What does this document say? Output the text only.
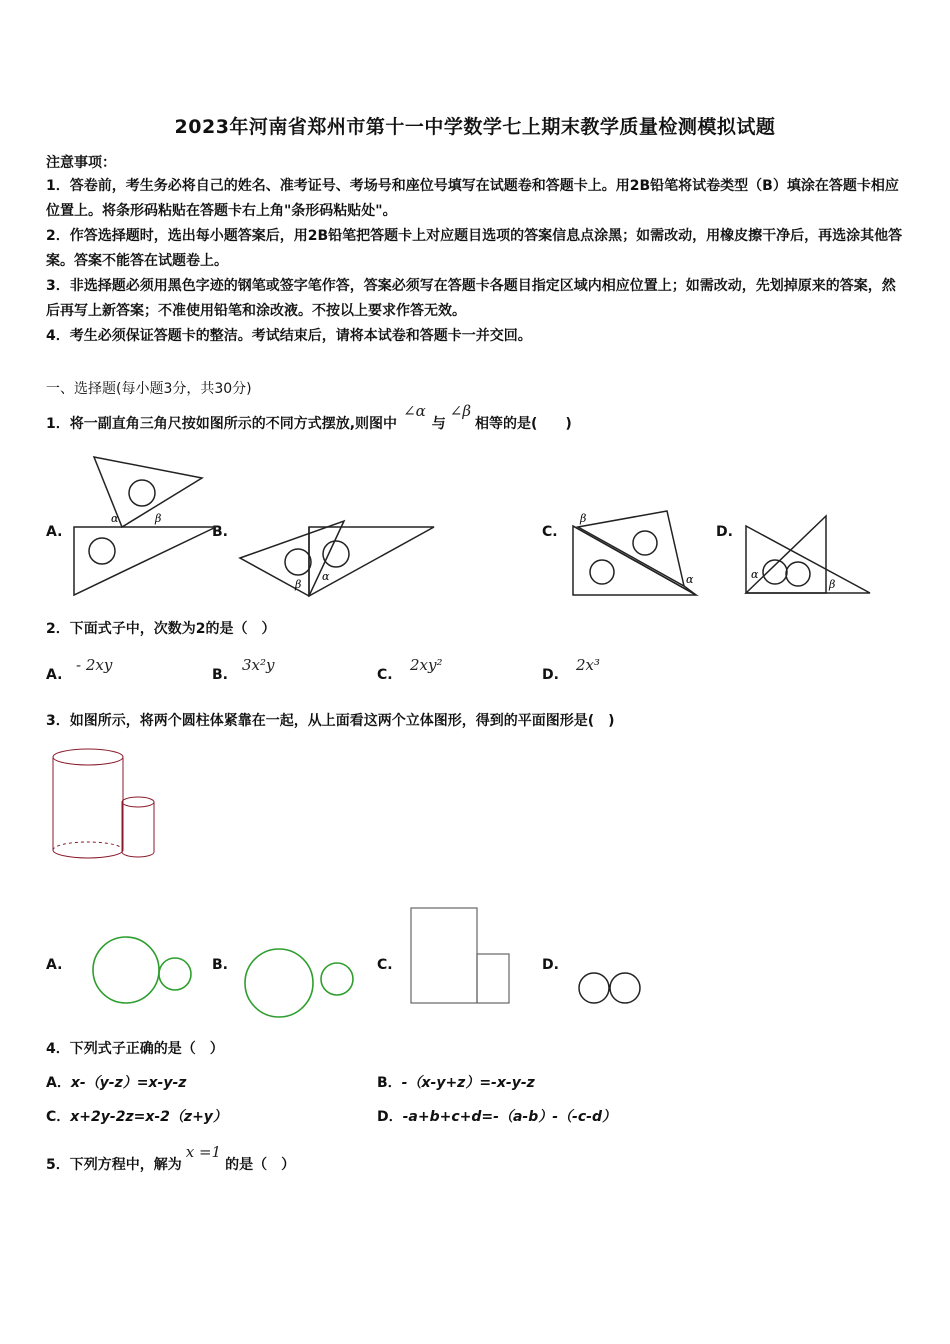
2023年河南省郑州市第十一中学数学七上期末教学质量检测模拟试题
注意事项：
1．答卷前，考生务必将自己的姓名、准考证号、考场号和座位号填写在试题卷和答题卡上。用2B铅笔将试卷类型（B）填涂在答题卡相应位置上。将条形码粘贴在答题卡右上角"条形码粘贴处"。
2．作答选择题时，选出每小题答案后，用2B铅笔把答题卡上对应题目选项的答案信息点涂黑；如需改动，用橡皮擦干净后，再选涂其他答案。答案不能答在试题卷上。
3．非选择题必须用黑色字迹的钢笔或签字笔作答，答案必须写在答题卡各题目指定区域内相应位置上；如需改动，先划掉原来的答案，然后再写上新答案；不准使用铅笔和涂改液。不按以上要求作答无效。
4．考生必须保证答题卡的整洁。考试结束后，请将本试卷和答题卡一并交回。
一、选择题(每小题3分，共30分)
1．将一副直角三角尺按如图所示的不同方式摆放,则图中∠α与∠β相等的是(　　)
A.	B.	C.	D.
α	β
β
α
β
α	α
β
2．下面式子中，次数为2的是（　）
A.
- 2xy
B.
3x²y
C.
2xy²
D.
2x³
3．如图所示，将两个圆柱体紧靠在一起，从上面看这两个立体图形，得到的平面图形是(　)
A.	B.	C.	D.
4．下列式子正确的是（　）
A．x-（y-z）=x-y-z	B．-（x-y+z）=-x-y-z
C．x+2y-2z=x-2（z+y）	D．-a+b+c+d=-（a-b）-（-c-d）
5．下列方程中，解为x =1的是（　）
